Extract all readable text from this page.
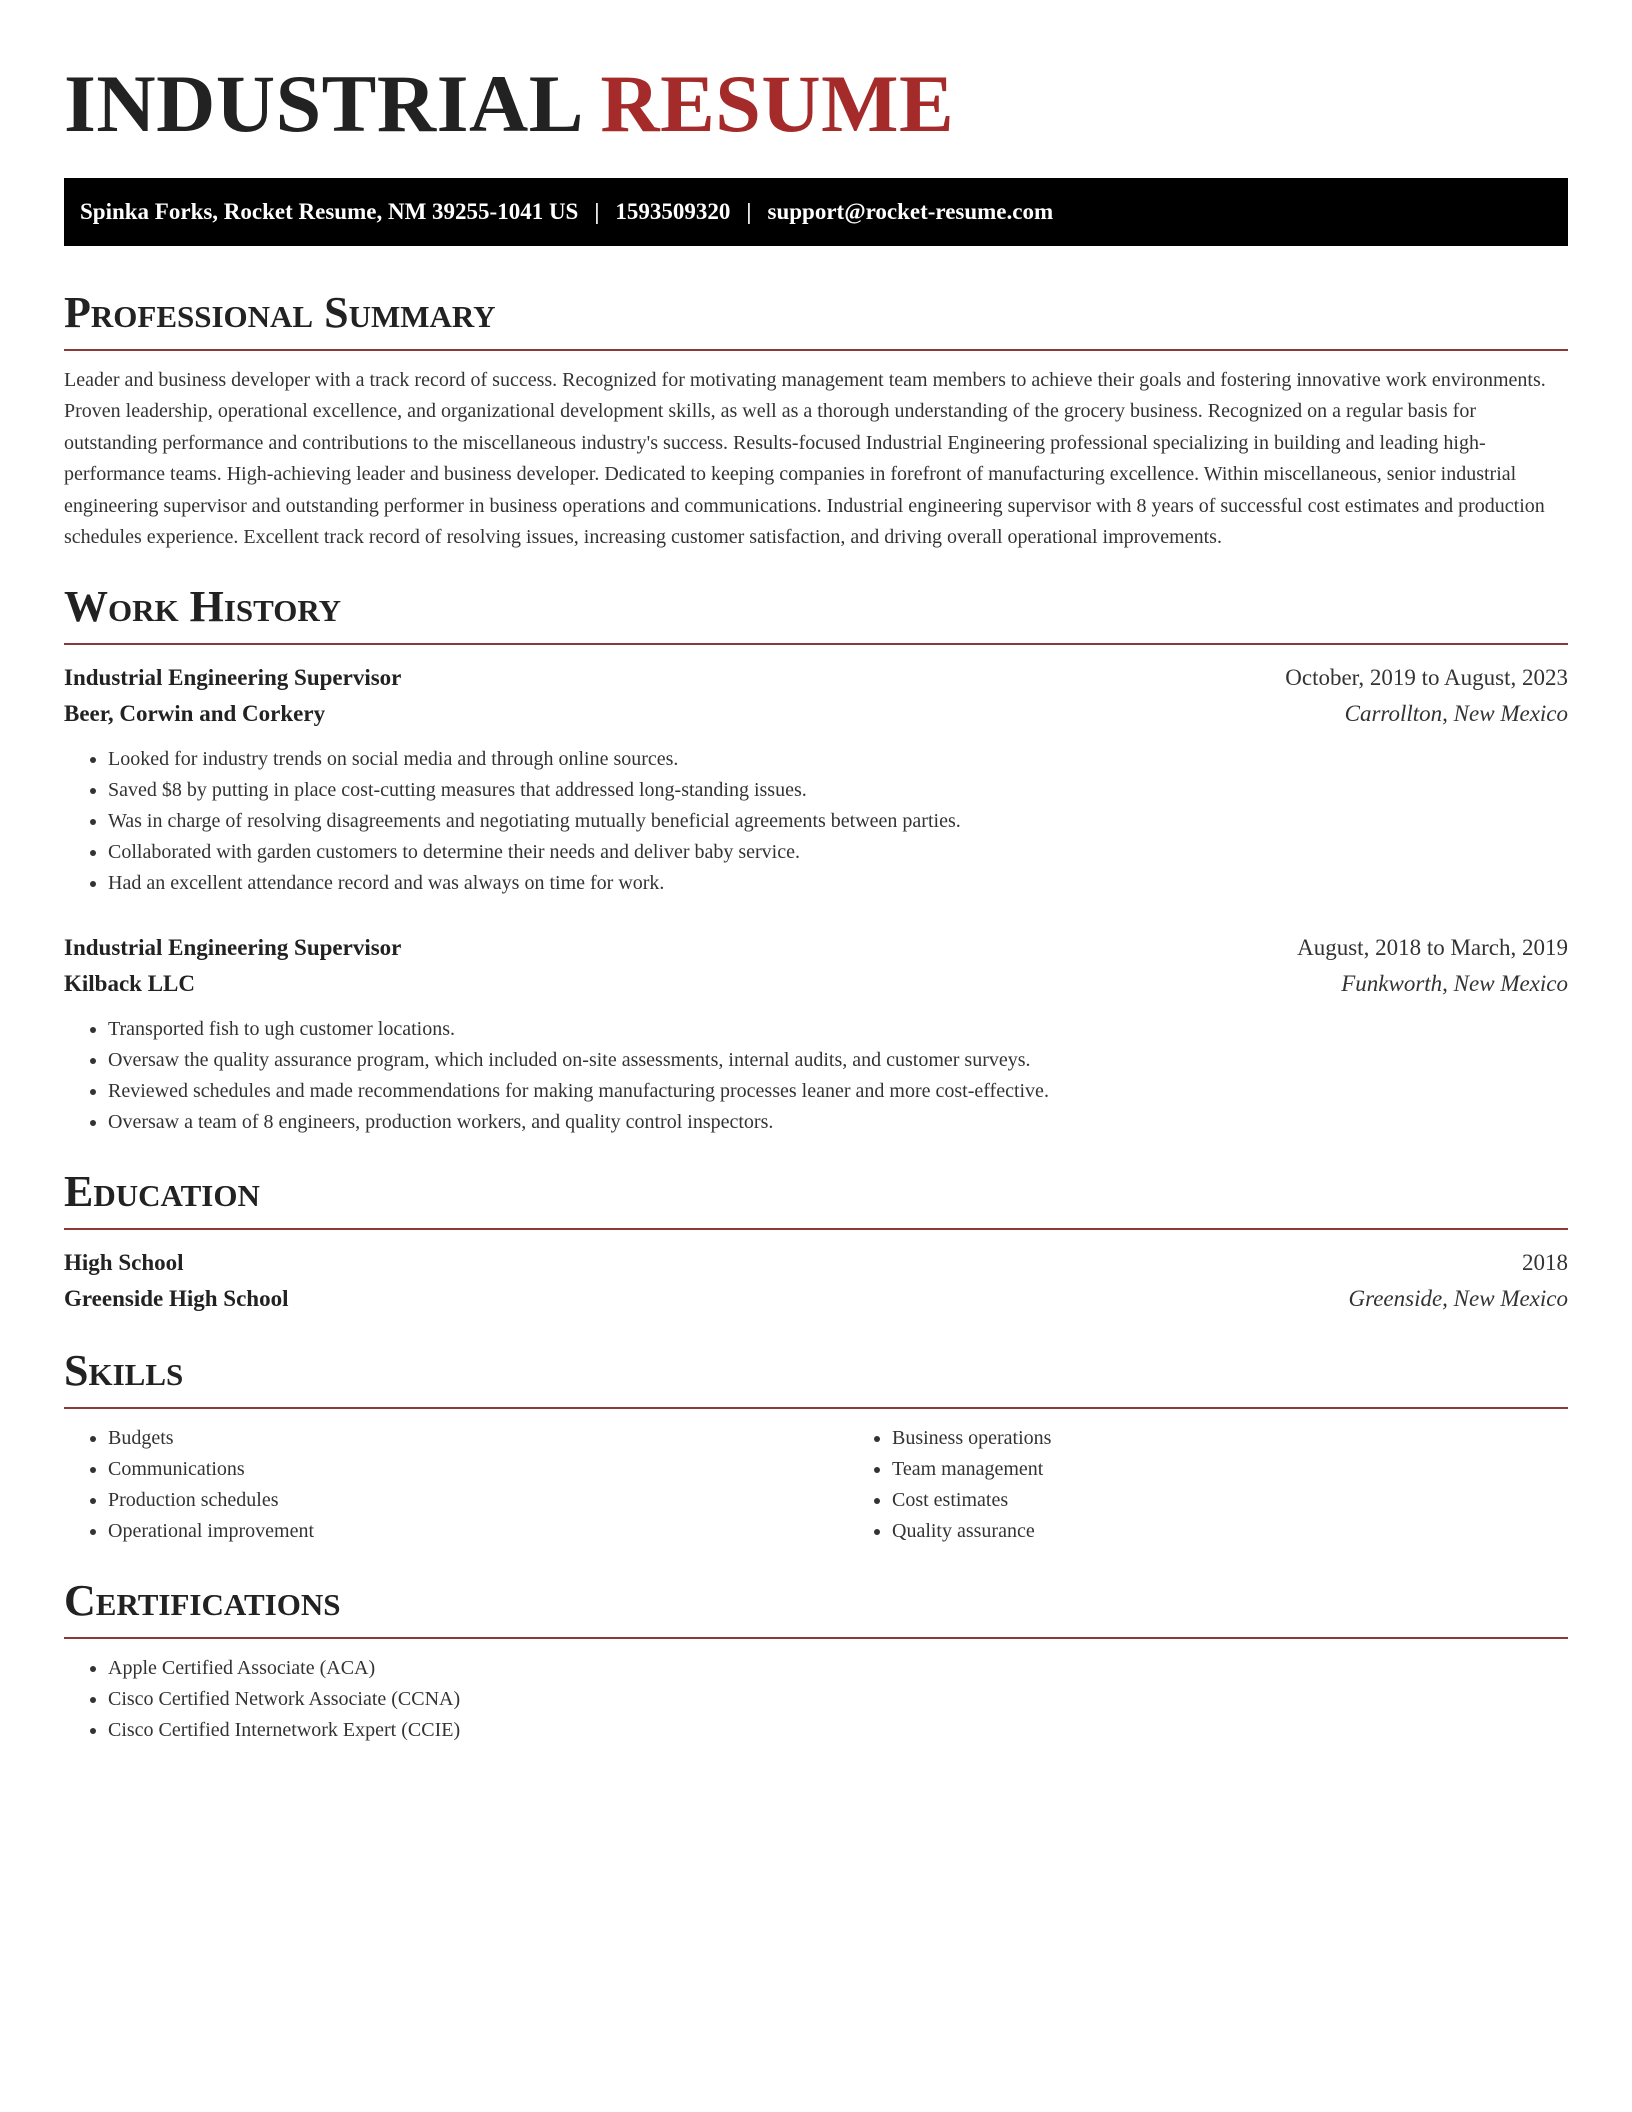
INDUSTRIAL RESUME
Spinka Forks, Rocket Resume, NM 39255-1041 US | 1593509320 | support@rocket-resume.com
Professional Summary

Leader and business developer with a track record of success. Recognized for motivating management team members to achieve their goals and fostering innovative work environments. Proven leadership, operational excellence, and organizational development skills, as well as a thorough understanding of the grocery business. Recognized on a regular basis for outstanding performance and contributions to the miscellaneous industry's success. Results-focused Industrial Engineering professional specializing in building and leading high-performance teams. High-achieving leader and business developer. Dedicated to keeping companies in forefront of manufacturing excellence. Within miscellaneous, senior industrial engineering supervisor and outstanding performer in business operations and communications. Industrial engineering supervisor with 8 years of successful cost estimates and production schedules experience. Excellent track record of resolving issues, increasing customer satisfaction, and driving overall operational improvements.

Work History
Industrial Engineering Supervisor	October, 2019 to August, 2023
Beer, Corwin and Corkery	Carrollton, New Mexico
• Looked for industry trends on social media and through online sources.
• Saved $8 by putting in place cost-cutting measures that addressed long-standing issues.
• Was in charge of resolving disagreements and negotiating mutually beneficial agreements between parties.
• Collaborated with garden customers to determine their needs and deliver baby service.
• Had an excellent attendance record and was always on time for work.
Industrial Engineering Supervisor	August, 2018 to March, 2019
Kilback LLC	Funkworth, New Mexico
• Transported fish to ugh customer locations.
• Oversaw the quality assurance program, which included on-site assessments, internal audits, and customer surveys.
• Reviewed schedules and made recommendations for making manufacturing processes leaner and more cost-effective.
• Oversaw a team of 8 engineers, production workers, and quality control inspectors.
Education
High School	2018
Greenside High School	Greenside, New Mexico
Skills
• Budgets
• Communications
• Production schedules
• Operational improvement
• Business operations
• Team management
• Cost estimates
• Quality assurance
Certifications
• Apple Certified Associate (ACA)
• Cisco Certified Network Associate (CCNA)
• Cisco Certified Internetwork Expert (CCIE)
